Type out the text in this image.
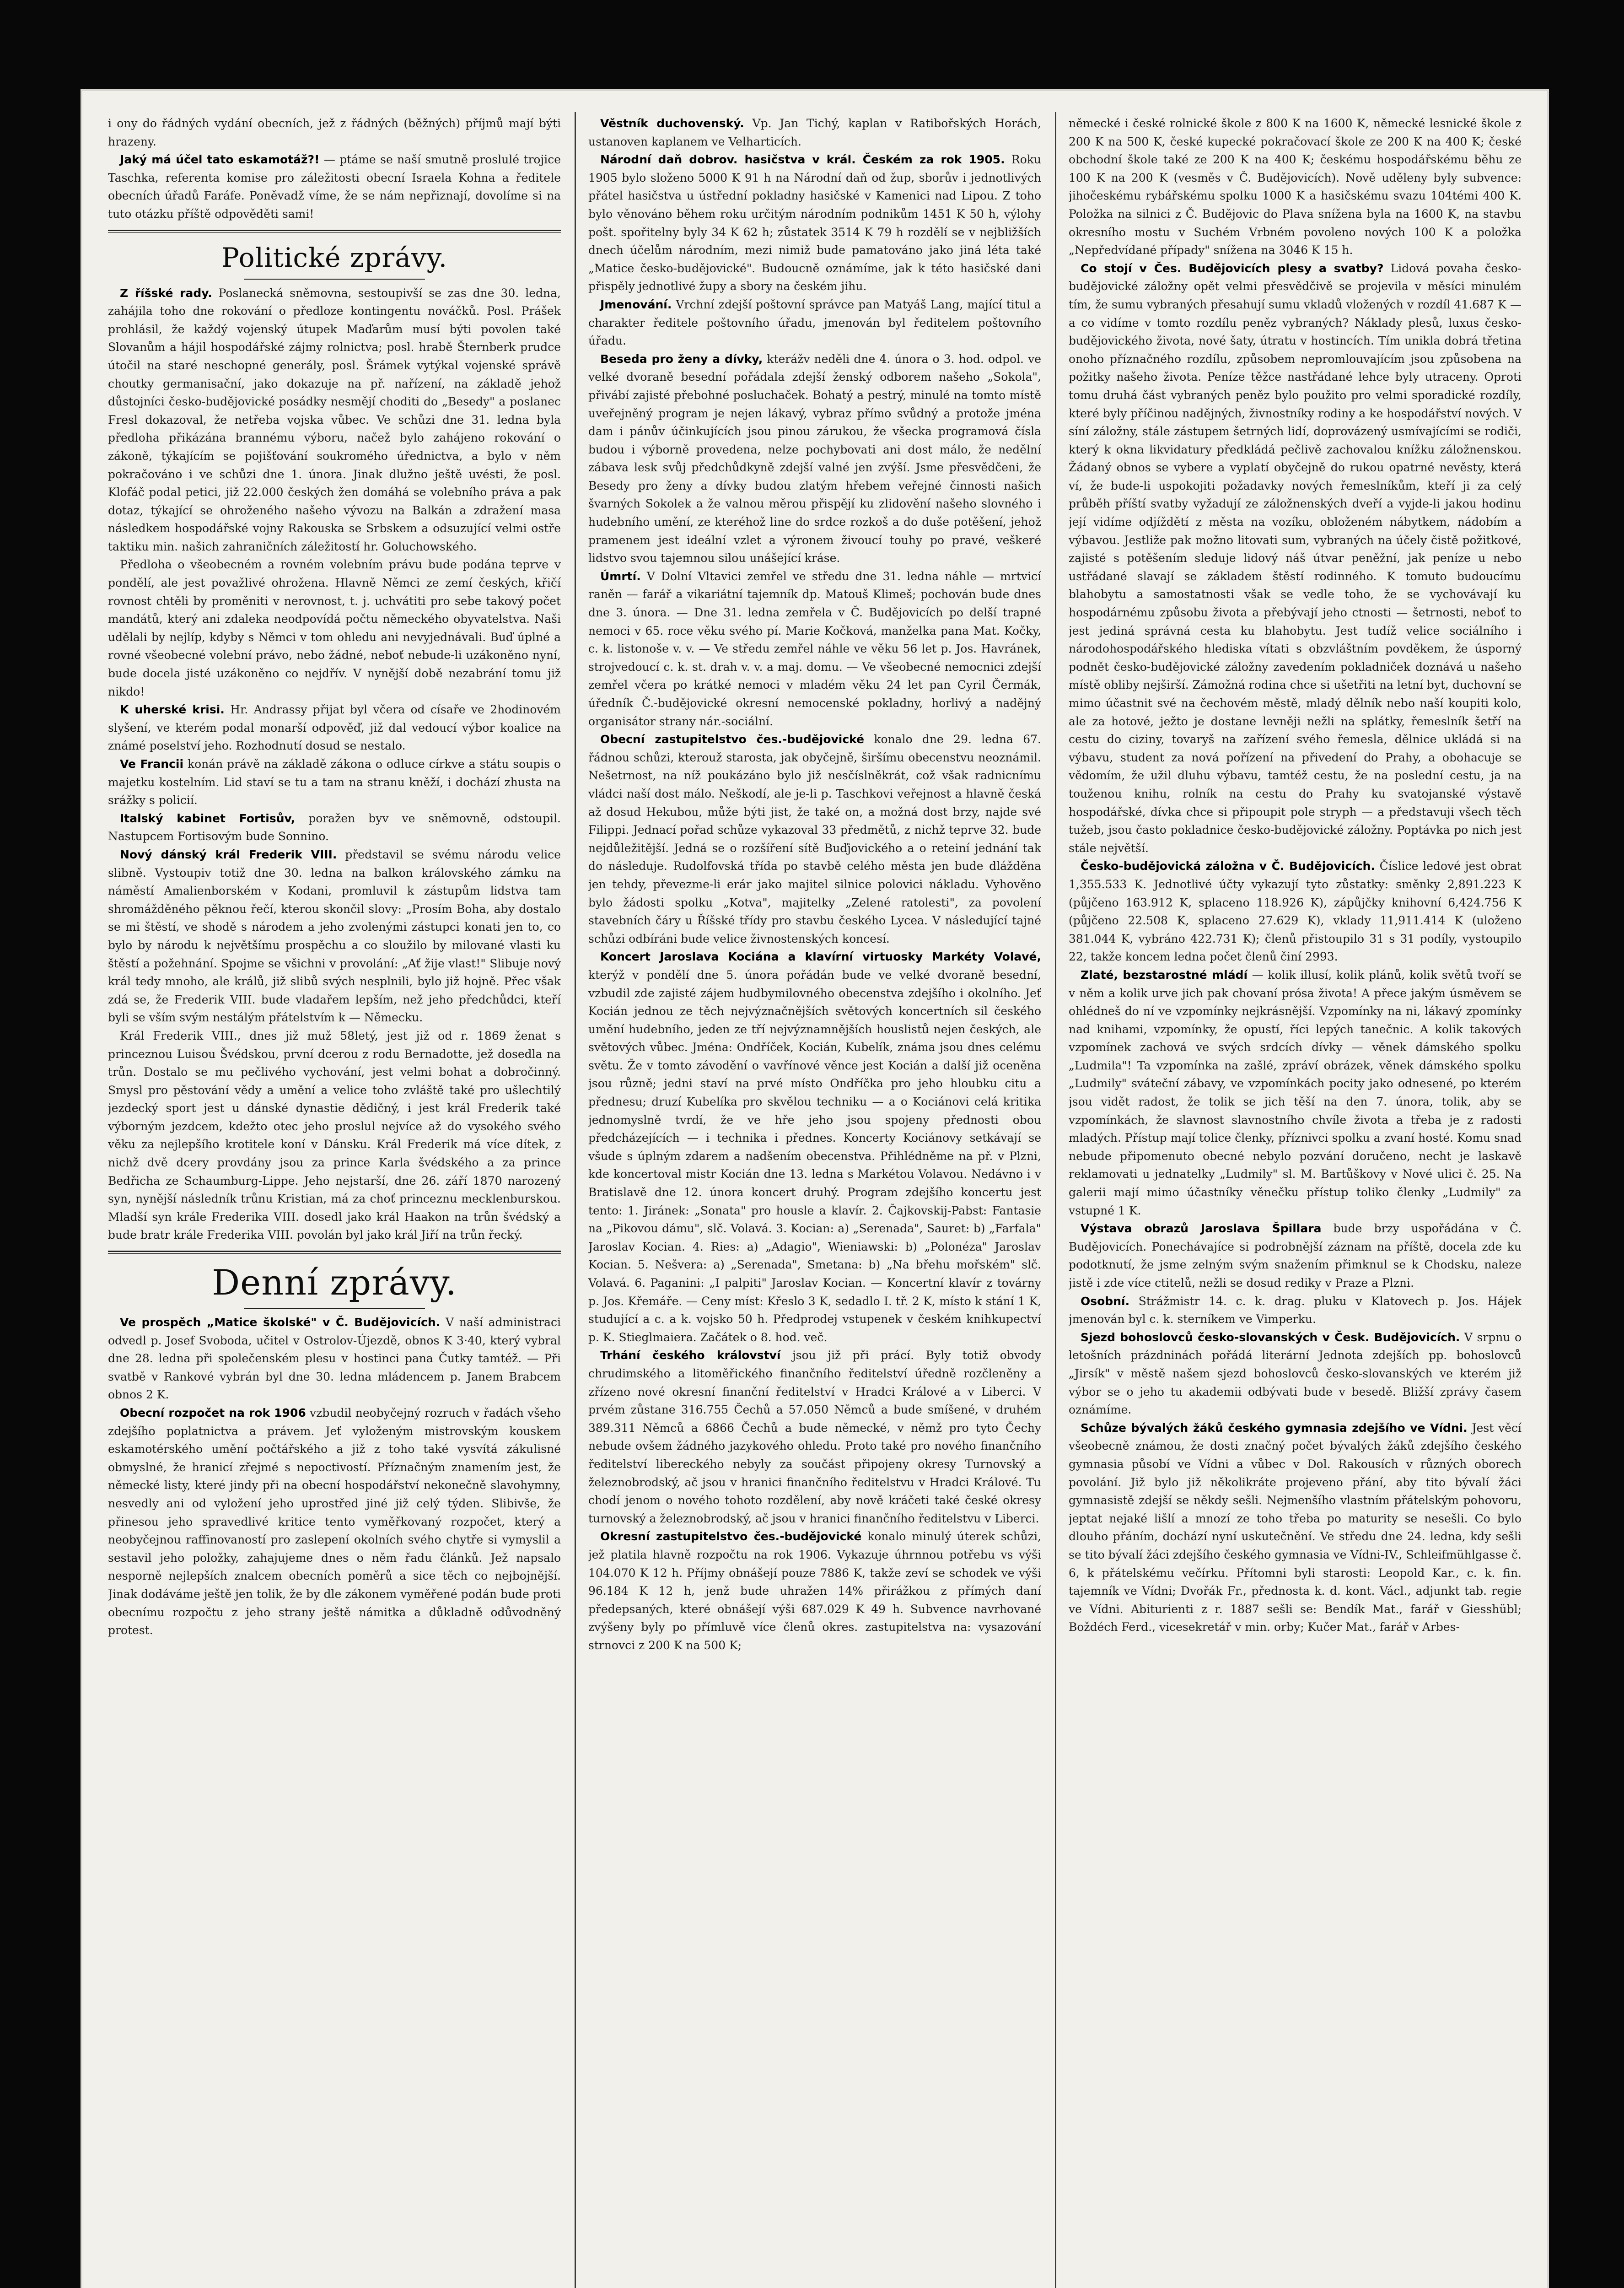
i ony do řádných vydání obecních, jež z řádných (běžných) příjmů mají býti hrazeny.

Jaký má účel tato eskamotáž?! — ptáme se naší smutně proslulé trojice Taschka, referenta komise pro záležitosti obecní Israela Kohna a ředitele obecních úřadů Faráfe. Poněvadž víme, že se nám nepřiznají, dovolíme si na tuto otázku příště odpověděti sami!

Politické zprávy.

Z říšské rady. Poslanecká sněmovna, sestoupivší se zas dne 30. ledna, zahájila toho dne rokování o předloze kontingentu nováčků. Posl. Prášek prohlásil, že každý vojenský útupek Maďarům musí býti povolen také Slovanům a hájil hospodářské zájmy rolnictva; posl. hrabě Šternberk prudce útočil na staré neschopné generály, posl. Šrámek vytýkal vojenské správě choutky germanisační, jako dokazuje na př. nařízení, na základě jehož důstojníci česko-budějovické posádky nesmějí choditi do „Besedy" a poslanec Fresl dokazoval, že netřeba vojska vůbec. Ve schůzi dne 31. ledna byla předloha přikázána brannému výboru, načež bylo zahájeno rokování o zákoně, týkajícím se pojišťování soukromého úřednictva, a bylo v něm pokračováno i ve schůzi dne 1. února. Jinak dlužno ještě uvésti, že posl. Klofáč podal petici, již 22.000 českých žen domáhá se volebního práva a pak dotaz, týkající se ohroženého našeho vývozu na Balkán a zdražení masa následkem hospodářské vojny Rakouska se Srbskem a odsuzující velmi ostře taktiku min. našich zahraničních záležitostí hr. Goluchowského.

Předloha o všeobecném a rovném volebním právu bude podána teprve v pondělí, ale jest považlivé ohrožena. Hlavně Němci ze zemí českých, křičí rovnost chtěli by proměniti v nerovnost, t. j. uchvátiti pro sebe takový počet mandátů, který ani zdaleka neodpovídá počtu německého obyvatelstva. Naši udělali by nejlíp, kdyby s Němci v tom ohledu ani nevyjednávali. Buď úplné a rovné všeobecné volební právo, nebo žádné, neboť nebude-li uzákoněno nyní, bude docela jisté uzákoněno co nejdřív. V nynější době nezabrání tomu již nikdo!

K uherské krisi. Hr. Andrassy přijat byl včera od císaře ve 2hodinovém slyšení, ve kterém podal monarší odpověď, již dal vedoucí výbor koalice na známé poselství jeho. Rozhodnutí dosud se nestalo.

Ve Francii konán právě na základě zákona o odluce církve a státu soupis o majetku kostelním. Lid staví se tu a tam na stranu kněží, i dochází zhusta na srážky s policií.

Italský kabinet Fortisův, poražen byv ve sněmovně, odstoupil. Nastupcem Fortisovým bude Sonnino.

Nový dánský král Frederik VIII. představil se svému národu velice slibně. Vystoupiv totiž dne 30. ledna na balkon královského zámku na náměstí Amalienborském v Kodani, promluvil k zástupům lidstva tam shromážděného pěknou řečí, kterou skončil slovy: „Prosím Boha, aby dostalo se mi štěstí, ve shodě s národem a jeho zvolenými zástupci konati jen to, co bylo by národu k největšímu prospěchu a co sloužilo by milované vlasti ku štěstí a požehnání. Spojme se všichni v provolání: „Ať žije vlast!" Slibuje nový král tedy mnoho, ale králů, již slibů svých nesplnili, bylo již hojně. Přec však zdá se, že Frederik VIII. bude vladařem lepším, než jeho předchůdci, kteří byli se vším svým nestálým přátelstvím k — Německu.

Král Frederik VIII., dnes již muž 58letý, jest již od r. 1869 ženat s princeznou Luisou Švédskou, první dcerou z rodu Bernadotte, jež dosedla na trůn. Dostalo se mu pečlivého vychování, jest velmi bohat a dobročinný. Smysl pro pěstování vědy a umění a velice toho zvláště také pro ušlechtilý jezdecký sport jest u dánské dynastie dědičný, i jest král Frederik také výborným jezdcem, kdežto otec jeho proslul nejvíce až do vysokého svého věku za nejlepšího krotitele koní v Dánsku. Král Frederik má více dítek, z nichž dvě dcery provdány jsou za prince Karla švédského a za prince Bedřicha ze Schaumburg-Lippe. Jeho nejstarší, dne 26. září 1870 narozený syn, nynější následník trůnu Kristian, má za choť princeznu mecklenburskou. Mladší syn krále Frederika VIII. dosedl jako král Haakon na trůn švédský a bude bratr krále Frederika VIII. povolán byl jako král Jiří na trůn řecký.

Denní zprávy.

Ve prospěch „Matice školské" v Č. Budějovicích. V naší administraci odvedl p. Josef Svoboda, učitel v Ostrolov-Újezdě, obnos K 3·40, který vybral dne 28. ledna při společenském plesu v hostinci pana Čutky tamtéž. — Při svatbě v Rankové vybrán byl dne 30. ledna mládencem p. Janem Brabcem obnos 2 K.

Obecní rozpočet na rok 1906 vzbudil neobyčejný rozruch v řadách všeho zdejšího poplatnictva a právem. Jeť vyloženým mistrovským kouskem eskamotérského umění počtářského a již z toho také vysvítá zákulisné obmyslné, že hranicí zřejmé s nepoctivostí. Příznačným znamením jest, že německé listy, které jindy při na obecní hospodářství nekonečně slavohymny, nesvedly ani od vyložení jeho uprostřed jiné již celý týden. Slibivše, že přinesou jeho spravedlivé kritice tento vyměřkovaný rozpočet, který a neobyčejnou raffinovaností pro zaslepení okolních svého chytře si vymyslil a sestavil jeho položky, zahajujeme dnes o něm řadu článků. Jež napsalo nesporně nejlepších znalcem obecních poměrů a sice těch co nejbojnější. Jinak dodáváme ještě jen tolik, že by dle zákonem vyměřené podán bude proti obecnímu rozpočtu z jeho strany ještě námitka a důkladně odůvodněný protest.

Věstník duchovenský. Vp. Jan Tichý, kaplan v Ratibořských Horách, ustanoven kaplanem ve Velharticích.

Národní daň dobrov. hasičstva v král. Českém za rok 1905. Roku 1905 bylo složeno 5000 K 91 h na Národní daň od žup, sborův i jednotlivých přátel hasičstva u ústřední pokladny hasičské v Kamenici nad Lipou. Z toho bylo věnováno během roku určitým národním podnikům 1451 K 50 h, výlohy pošt. spořitelny byly 34 K 62 h; zůstatek 3514 K 79 h rozdělí se v nejbližších dnech účelům národním, mezi nimiž bude pamatováno jako jiná léta také „Matice česko-budějovické". Budoucně oznámíme, jak k této hasičské dani přispěly jednotlivé župy a sbory na českém jihu.

Jmenování. Vrchní zdejší poštovní správce pan Matyáš Lang, mající titul a charakter ředitele poštovního úřadu, jmenován byl ředitelem poštovního úřadu.

Beseda pro ženy a dívky, kterážv neděli dne 4. února o 3. hod. odpol. ve velké dvoraně besední pořádala zdejší ženský odborem našeho „Sokola", přivábí zajisté přebohné posluchaček. Bohatý a pestrý, minulé na tomto místě uveřejněný program je nejen lákavý, vybraz přímo svůdný a protože jména dam i pánův účinkujících jsou pinou zárukou, že všecka programová čísla budou i výborně provedena, nelze pochybovati ani dost málo, že nedělní zábava lesk svůj předchůdkyně zdejší valné jen zvýší. Jsme přesvědčeni, že Besedy pro ženy a dívky budou zlatým hřebem veřejné činnosti našich švarných Sokolek a že valnou měrou přispějí ku zlidovění našeho slovného i hudebního umění, ze kteréhož line do srdce rozkoš a do duše potěšení, jehož pramenem jest ideální vzlet a výronem živoucí touhy po pravé, veškeré lidstvo svou tajemnou silou unášející kráse.

Úmrtí. V Dolní Vltavici zemřel ve středu dne 31. ledna náhle — mrtvicí raněn — farář a vikariátní tajemník dp. Matouš Klimeš; pochován bude dnes dne 3. února. — Dne 31. ledna zemřela v Č. Budějovicích po delší trapné nemoci v 65. roce věku svého pí. Marie Kočková, manželka pana Mat. Kočky, c. k. listonoše v. v. — Ve středu zemřel náhle ve věku 56 let p. Jos. Havránek, strojvedoucí c. k. st. drah v. v. a maj. domu. — Ve všeobecné nemocnici zdejší zemřel včera po krátké nemoci v mladém věku 24 let pan Cyril Čermák, úředník Č.-budějovické okresní nemocenské pokladny, horlivý a nadějný organisátor strany nár.-sociální.

Obecní zastupitelstvo čes.-budějovické konalo dne 29. ledna 67. řádnou schůzi, kterouž starosta, jak obyčejně, širšímu obecenstvu neoznámil. Nešetrnost, na níž poukázáno bylo již nesčíslněkrát, což však radnicnímu vládci naší dost málo. Neškodí, ale je-li p. Taschkovi veřejnost a hlavně česká až dosud Hekubou, může býti jist, že také on, a možná dost brzy, najde své Filippi. Jednací pořad schůze vykazoval 33 předmětů, z nichž teprve 32. bude nejdůležitější. Jedná se o rozšíření sítě Buďjovického a o reteiní jednání tak do následuje. Rudolfovská třída po stavbě celého města jen bude dlážděna jen tehdy, převezme-li erár jako majitel silnice polovici nákladu. Vyhověno bylo žádosti spolku „Kotva", majitelky „Zelené ratolesti", za povolení stavebních čáry u Říšské třídy pro stavbu českého Lycea. V následující tajné schůzi odbíráni bude velice živnostenských koncesí.

Koncert Jaroslava Kociána a klavírní virtuosky Markéty Volavé, kterýž v pondělí dne 5. února pořádán bude ve velké dvoraně besední, vzbudil zde zajisté zájem hudbymilovného obecenstva zdejšího i okolního. Jeť Kocián jednou ze těch nejvýznačnějších světových koncertních sil českého umění hudebního, jeden ze tří nejvýznamnějších houslistů nejen českých, ale světových vůbec. Jména: Ondříček, Kocián, Kubelík, známa jsou dnes celému světu. Že v tomto závodění o vavřínové věnce jest Kocián a další již oceněna jsou různě; jedni staví na prvé místo Ondříčka pro jeho hloubku citu a přednesu; druzí Kubelíka pro skvělou techniku — a o Kociánovi celá kritika jednomyslně tvrdí, že ve hře jeho jsou spojeny přednosti obou předcházejících — i technika i přednes. Koncerty Kociánovy setkávají se všude s úplným zdarem a nadšením obecenstva. Přihlédněme na př. v Plzni, kde koncertoval mistr Kocián dne 13. ledna s Markétou Volavou. Nedávno i v Bratislavě dne 12. února koncert druhý. Program zdejšího koncertu jest tento: 1. Jiránek: „Sonata" pro housle a klavír. 2. Čajkovskij-Pabst: Fantasie na „Pikovou dámu", slč. Volavá. 3. Kocian: a) „Serenada", Sauret: b) „Farfala" Jaroslav Kocian. 4. Ries: a) „Adagio", Wieniawski: b) „Polonéza" Jaroslav Kocian. 5. Nešvera: a) „Serenada", Smetana: b) „Na břehu mořském" slč. Volavá. 6. Paganini: „I palpiti" Jaroslav Kocian. — Koncertní klavír z továrny p. Jos. Křemáře. — Ceny míst: Křeslo 3 K, sedadlo I. tř. 2 K, místo k stání 1 K, studující a c. a k. vojsko 50 h. Předprodej vstupenek v českém knihkupectví p. K. Stieglmaiera. Začátek o 8. hod. več.

Trhání českého království jsou již při prácí. Byly totiž obvody chrudimského a litoměřického finančního ředitelství úředně rozčleněny a zřízeno nové okresní finanční ředitelství v Hradci Králové a v Liberci. V prvém zůstane 316.755 Čechů a 57.050 Němců a bude smíšené, v druhém 389.311 Němců a 6866 Čechů a bude německé, v němž pro tyto Čechy nebude ovšem žádného jazykového ohledu. Proto také pro nového finančního ředitelství libereckého nebyly za součást připojeny okresy Turnovský a železnobrodský, ač jsou v hranici finančního ředitelstvu v Hradci Králové. Tu chodí jenom o nového tohoto rozdělení, aby nově kráčeti také české okresy turnovský a železnobrodský, ač jsou v hranici finančního ředitelstvu v Liberci.

Okresní zastupitelstvo čes.-budějovické konalo minulý úterek schůzi, jež platila hlavně rozpočtu na rok 1906. Vykazuje úhrnnou potřebu vs výši 104.070 K 12 h. Příjmy obnášejí pouze 7886 K, takže zeví se schodek ve výši 96.184 K 12 h, jenž bude uhražen 14% přirážkou z přímých daní předepsaných, které obnášejí výši 687.029 K 49 h. Subvence navrhované zvýšeny byly po přímluvě více členů okres. zastupitelstva na: vysazování strnovci z 200 K na 500 K;

německé i české rolnické škole z 800 K na 1600 K, německé lesnické škole z 200 K na 500 K, české kupecké pokračovací škole ze 200 K na 400 K; české obchodní škole také ze 200 K na 400 K; českému hospodářskému běhu ze 100 K na 200 K (vesměs v Č. Budějovicích). Nově uděleny byly subvence: jihočeskému rybářskému spolku 1000 K a hasičskému svazu 104témi 400 K. Položka na silnici z Č. Budějovic do Plava snížena byla na 1600 K, na stavbu okresního mostu v Suchém Vrbném povoleno nových 100 K a položka „Nepředvídané případy" snížena na 3046 K 15 h.

Co stojí v Čes. Budějovicích plesy a svatby? Lidová povaha česko-budějovické záložny opět velmi přesvědčivě se projevila v měsíci minulém tím, že sumu vybraných přesahují sumu vkladů vložených v rozdíl 41.687 K — a co vidíme v tomto rozdílu peněz vybraných? Náklady plesů, luxus česko-budějovického života, nové šaty, útratu v hostincích. Tím unikla dobrá třetina onoho příznačného rozdílu, způsobem nepromlouvajícím jsou způsobena na požitky našeho života. Peníze těžce nastřádané lehce byly utraceny. Oproti tomu druhá část vybraných peněz bylo použito pro velmi sporadické rozdíly, které byly příčinou nadějných, živnostníky rodiny a ke hospodářství nových. V síní záložny, stále zástupem šetrných lidí, doprovázený usmívajícími se rodiči, který k okna likvidatury předkládá pečlivě zachovalou knížku záložnenskou. Žádaný obnos se vybere a vyplatí obyčejně do rukou opatrné nevěsty, která ví, že bude-li uspokojiti požadavky nových řemeslníkům, kteří ji za celý průběh příští svatby vyžadují ze záložnenských dveří a vyjde-li jakou hodinu její vidíme odjíždětí z města na vozíku, obloženém nábytkem, nádobím a výbavou. Jestliže pak možno litovati sum, vybraných na účely čistě požitkové, zajisté s potěšením sleduje lidový náš útvar peněžní, jak peníze u nebo ustřádané slavají se základem štěstí rodinného. K tomuto budoucímu blahobytu a samostatnosti však se vedle toho, že se vychovávají ku hospodárnému způsobu života a přebývají jeho ctnosti — šetrnosti, neboť to jest jediná správná cesta ku blahobytu. Jest tudíž velice sociálního i národohospodářského hlediska vítati s obzvláštním povděkem, že úsporný podnět česko-budějovické záložny zavedením pokladniček doznává u našeho místě obliby nejširší. Zámožná rodina chce si ušetřiti na letní byt, duchovní se mimo účastnit své na čechovém městě, mladý dělník nebo naší koupiti kolo, ale za hotové, ježto je dostane levněji nežli na splátky, řemeslník šetří na cestu do ciziny, tovaryš na zařízení svého řemesla, dělnice ukládá si na výbavu, student za nová pořízení na přivedení do Prahy, a obohacuje se vědomím, že užil dluhu výbavu, tamtéž cestu, že na poslední cestu, ja na touženou knihu, rolník na cestu do Prahy ku svatojanské výstavě hospodářské, dívka chce si připoupit pole stryph — a představuji všech těch tužeb, jsou často pokladnice česko-budějovické záložny. Poptávka po nich jest stále největší.

Česko-budějovická záložna v Č. Budějovicích. Číslice ledové jest obrat 1,355.533 K. Jednotlivé účty vykazují tyto zůstatky: směnky 2,891.223 K (půjčeno 163.912 K, splaceno 118.926 K), zápůjčky knihovní 6,424.756 K (půjčeno 22.508 K, splaceno 27.629 K), vklady 11,911.414 K (uloženo 381.044 K, vybráno 422.731 K); členů přistoupilo 31 s 31 podíly, vystoupilo 22, takže koncem ledna počet členů činí 2993.

Zlaté, bezstarostné mládí — kolik illusí, kolik plánů, kolik světů tvoří se v něm a kolik urve jich pak chovaní prósa života! A přece jakým úsměvem se ohlédneš do ní ve vzpomínky nejkrásnější. Vzpomínky na ni, lákavý zpomínky nad knihami, vzpomínky, že opustí, říci lepých tanečnic. A kolik takových vzpomínek zachová ve svých srdcích dívky — věnek dámského spolku „Ludmila"! Ta vzpomínka na zašlé, zpráví obrázek, věnek dámského spolku „Ludmily" sváteční zábavy, ve vzpomínkách pocity jako odnesené, po kterém jsou vidět radost, že tolik se jich těší na den 7. února, tolik, aby se vzpomínkách, že slavnost slavnostního chvíle života a třeba je z radosti mladých. Přístup mají tolice členky, příznivci spolku a zvaní hosté. Komu snad nebude připomenuto obecné nebylo pozvání doručeno, necht je laskavě reklamovati u jednatelky „Ludmily" sl. M. Bartůškovy v Nové ulici č. 25. Na galerii mají mimo účastníky věnečku přístup toliko členky „Ludmily" za vstupné 1 K.

Výstava obrazů Jaroslava Špillara bude brzy uspořádána v Č. Budějovicích. Ponechávajíce si podrobnější záznam na příště, docela zde ku podotknutí, že jsme zelným svým snažením přimknul se k Chodsku, naleze jistě i zde více ctitelů, nežli se dosud rediky v Praze a Plzni.

Osobní. Strážmistr 14. c. k. drag. pluku v Klatovech p. Jos. Hájek jmenován byl c. k. sterníkem ve Vimperku.

Sjezd bohoslovců česko-slovanských v Česk. Budějovicích. V srpnu o letošních prázdninách pořádá literární Jednota zdejších pp. bohoslovců „Jirsík" v městě našem sjezd bohoslovců česko-slovanských ve kterém již výbor se o jeho tu akademii odbývati bude v besedě. Bližší zprávy časem oznámíme.

Schůze bývalých žáků českého gymnasia zdejšího ve Vídni. Jest věcí všeobecně známou, že dosti značný počet bývalých žáků zdejšího českého gymnasia působí ve Vídni a vůbec v Dol. Rakousích v různých oborech povolání. Již bylo již několikráte projeveno přání, aby tito bývalí žáci gymnasistě zdejší se někdy sešli. Nejmenšího vlastním přátelským pohovoru, jeptat nejaké lišlí a mnozí ze toho třeba po maturity se nesešli. Co bylo dlouho přáním, dochází nyní uskutečnění. Ve středu dne 24. ledna, kdy sešli se tito bývalí žáci zdejšího českého gymnasia ve Vídni-IV., Schleifmühlgasse č. 6, k přátelskému večírku. Přítomni byli starosti: Leopold Kar., c. k. fin. tajemník ve Vídni; Dvořák Fr., přednosta k. d. kont. Václ., adjunkt tab. regie ve Vídni. Abiturienti z r. 1887 sešli se: Bendík Mat., farář v Giesshübl; Boždéch Ferd., vicesekretář v min. orby; Kučer Mat., farář v Arbes-
